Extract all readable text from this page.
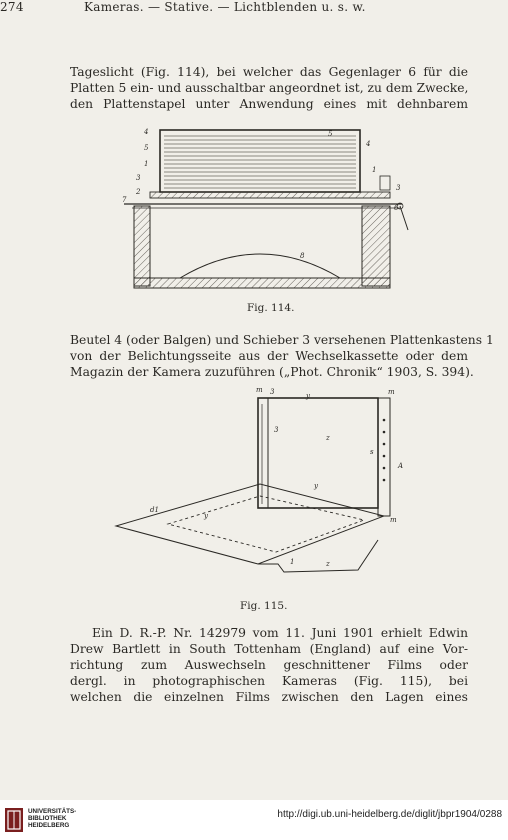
274	Kameras. — Stative. — Lichtblenden u. s. w.
Tageslicht (Fig. 114), bei welcher das Gegenlager 6 für die
Platten 5 ein- und ausschaltbar angeordnet ist, zu dem Zwecke,
den Plattenstapel unter Anwendung eines mit dehnbarem
4
5
1
3
2
7
5
4
1
3
6
8
Fig. 114.
Beutel 4 (oder Balgen) und Schieber 3 versehenen Plattenkastens 1
von der Belichtungsseite aus der Wechselkassette oder dem
Magazin der Kamera zuzuführen („Phot. Chronik“ 1903, S. 394).
m 3	y	m
3
z
s
A
y
d1
y	m
1	z
Fig. 115.
Ein D. R.-P. Nr. 142979 vom 11. Juni 1901 erhielt Edwin
Drew Bartlett in South Tottenham (England) auf eine Vor-
richtung zum Auswechseln geschnittener Films oder
dergl. in photographischen Kameras (Fig. 115), bei
welchen die einzelnen Films zwischen den Lagen eines
UNIVERSITÄTS-
BIBLIOTHEK
HEIDELBERG
http://digi.ub.uni-heidelberg.de/diglit/jbpr1904/0288
